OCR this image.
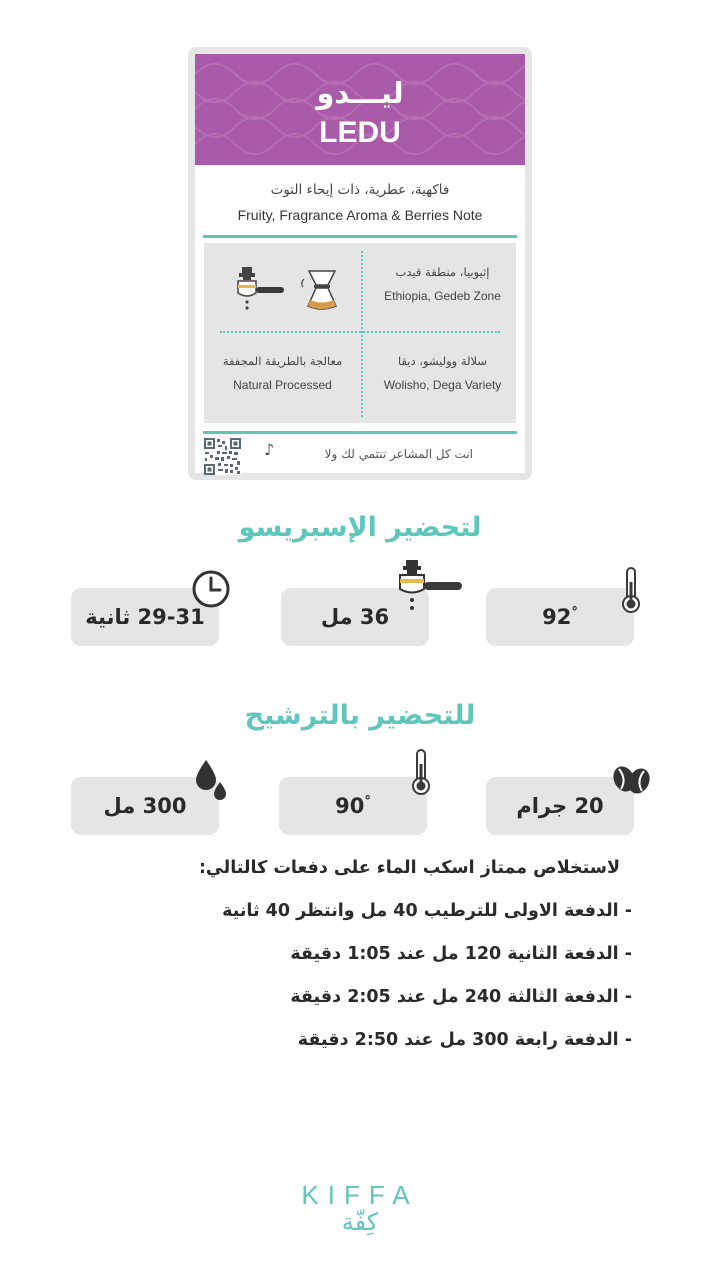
ليـــدو
LEDU
فاكهية، عطرية، ذات إيحاء التوت
Fruity, Fragrance Aroma & Berries Note
إثيوبيا، منطقة قيدب
Ethiopia, Gedeb Zone
معالجة بالطريقة المجففة
Natural Processed
سلالة ووليشو، ديقا
Wolisho, Dega Variety
♪	انت كل المشاعر تنتمي لك ولا
لتحضير الإسبريسو
92°
36 مل
29-31 ثانية
للتحضير بالترشيح
20 جرام
90°
300 مل
لاستخلاص ممتاز اسكب الماء على دفعات كالتالي:
- الدفعة الاولى للترطيب 40 مل وانتظر 40 ثانية
- الدفعة الثانية 120 مل عند 1:05 دقيقة
- الدفعة الثالثة 240 مل عند 2:05 دقيقة
- الدفعة رابعة 300 مل عند 2:50 دقيقة
KIFFA
كِفّة
